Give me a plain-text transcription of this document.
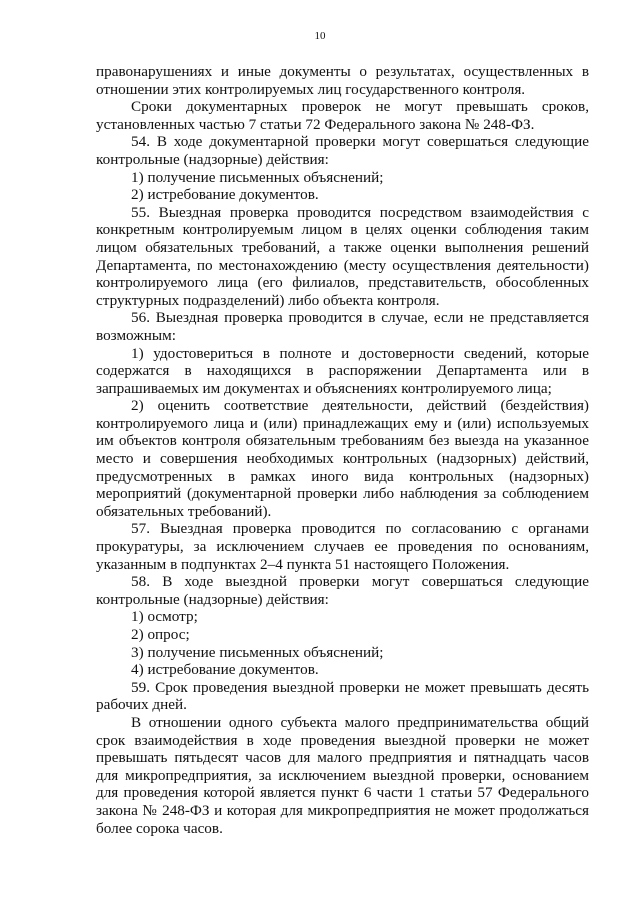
10

правонарушениях и иные документы о результатах, осуществленных в отношении этих контролируемых лиц государственного контроля.

Сроки документарных проверок не могут превышать сроков, установленных частью 7 статьи 72 Федерального закона № 248-ФЗ.

54. В ходе документарной проверки могут совершаться следующие контрольные (надзорные) действия:

1) получение письменных объяснений;

2) истребование документов.

55. Выездная проверка проводится посредством взаимодействия с конкретным контролируемым лицом в целях оценки соблюдения таким лицом обязательных требований, а также оценки выполнения решений Департамента, по местонахождению (месту осуществления деятельности) контролируемого лица (его филиалов, представительств, обособленных структурных подразделений) либо объекта контроля.

56. Выездная проверка проводится в случае, если не представляется возможным:

1) удостовериться в полноте и достоверности сведений, которые содержатся в находящихся в распоряжении Департамента или в запрашиваемых им документах и объяснениях контролируемого лица;

2) оценить соответствие деятельности, действий (бездействия) контролируемого лица и (или) принадлежащих ему и (или) используемых им объектов контроля обязательным требованиям без выезда на указанное место и совершения необходимых контрольных (надзорных) действий, предусмотренных в рамках иного вида контрольных (надзорных) мероприятий (документарной проверки либо наблюдения за соблюдением обязательных требований).

57. Выездная проверка проводится по согласованию с органами прокуратуры, за исключением случаев ее проведения по основаниям, указанным в подпунктах 2–4 пункта 51 настоящего Положения.

58. В ходе выездной проверки могут совершаться следующие контрольные (надзорные) действия:

1) осмотр;

2) опрос;

3) получение письменных объяснений;

4) истребование документов.

59. Срок проведения выездной проверки не может превышать десять рабочих дней.

В отношении одного субъекта малого предпринимательства общий срок взаимодействия в ходе проведения выездной проверки не может превышать пятьдесят часов для малого предприятия и пятнадцать часов для микропредприятия, за исключением выездной проверки, основанием для проведения которой является пункт 6 части 1 статьи 57 Федерального закона № 248-ФЗ и которая для микропредприятия не может продолжаться более сорока часов.
